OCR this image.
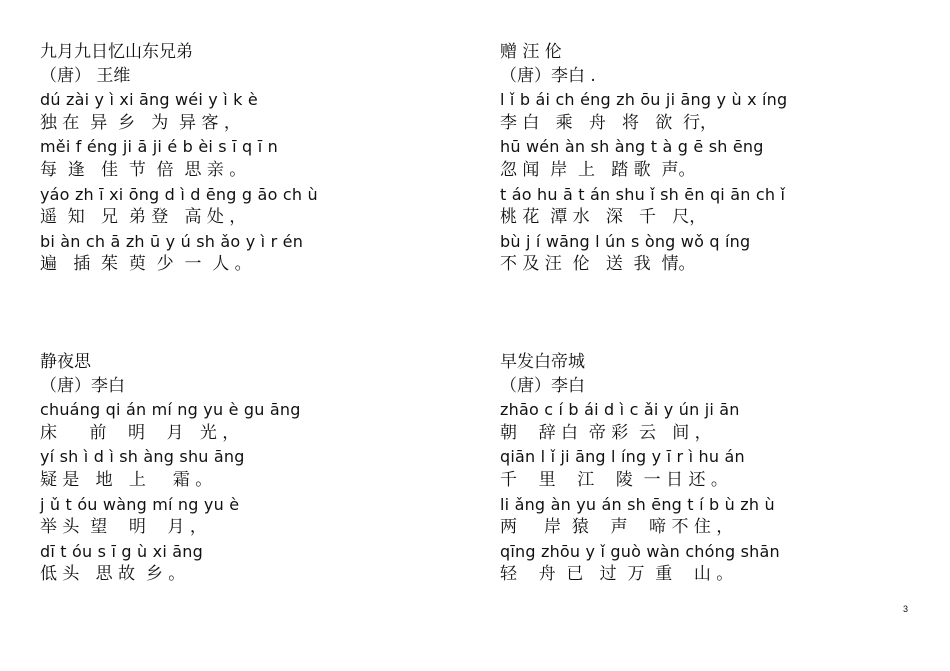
九月九日忆山东兄弟
（唐） 王维
dú zài y ì xi āng wéi y ì k è
独 在  异  乡   为  异 客 ，
měi f éng ji ā ji é b èi s ī q ī n
每  逢   佳  节  倍  思 亲 。
yáo zh ī xi ōng d ì d ēng g āo ch ù
遥  知   兄  弟 登   高 处 ，
bi àn ch ā zh ū y ú sh ǎo y ì r én
遍   插  茱  萸  少  一  人 。
赠 汪 伦
（唐）李白 .
l ǐ b ái ch éng zh ōu ji āng y ù x íng
李 白   乘   舟   将   欲  行，
hū wén àn sh àng t à g ē sh ēng
忽 闻  岸  上   踏 歌  声。
t áo hu ā t án shu ǐ sh ēn qi ān ch ǐ
桃 花  潭 水   深   千   尺，
bù j í wāng l ún s òng wǒ q íng
不 及 汪  伦   送  我  情。
静夜思
（唐）李白
chuáng qi án mí ng yu è gu āng
床      前    明    月   光 ，
yí sh ì d ì sh àng shu āng
疑 是   地   上     霜 。
j ǔ t óu wàng mí ng yu è
举 头  望    明    月 ，
dī t óu s ī g ù xi āng
低 头   思 故  乡 。
早发白帝城
（唐）李白
zhāo c í b ái d ì c ǎi y ún ji ān
朝    辞 白  帝 彩  云   间 ，
qiān l ǐ ji āng l íng y ī r ì hu án
千    里    江    陵  一 日 还 。
li ǎng àn yu án sh ēng t í b ù zh ù
两     岸  猿    声    啼 不 住 ，
qīng zhōu y ǐ guò wàn chóng shān
轻    舟  已   过  万  重    山 。
3
